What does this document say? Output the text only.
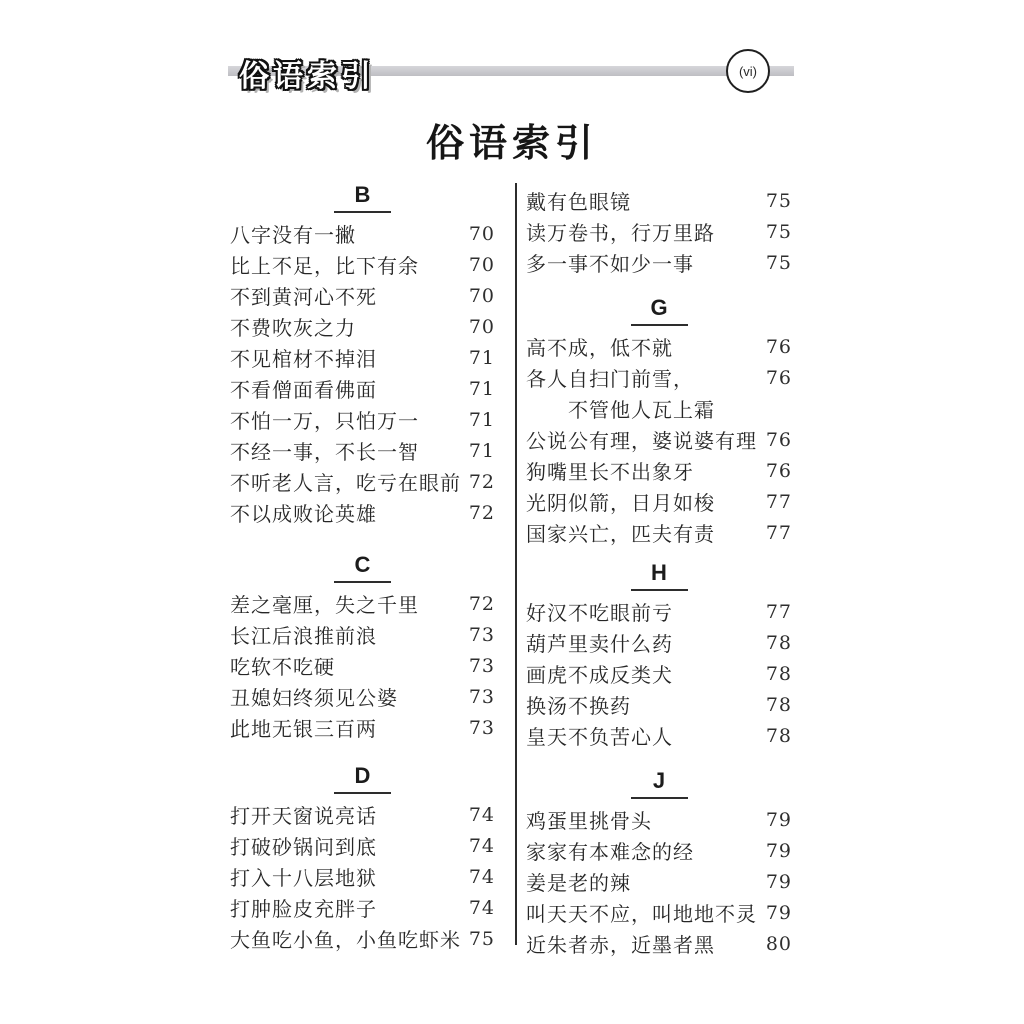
俗语索引	(vi)
俗语索引
B
八字没有一撇	70
比上不足，比下有余	70
不到黄河心不死	70
不费吹灰之力	70
不见棺材不掉泪	71
不看僧面看佛面	71
不怕一万，只怕万一	71
不经一事，不长一智	71
不听老人言，吃亏在眼前 72
不以成败论英雄	72
C
差之毫厘，失之千里	72
长江后浪推前浪	73
吃软不吃硬	73
丑媳妇终须见公婆	73
此地无银三百两	73
D
打开天窗说亮话	74
打破砂锅问到底	74
打入十八层地狱	74
打肿脸皮充胖子	74
大鱼吃小鱼，小鱼吃虾米 75
戴有色眼镜	75
读万卷书，行万里路	75
多一事不如少一事	75
G
高不成，低不就	76
各人自扫门前雪，	76
不管他人瓦上霜
公说公有理，婆说婆有理 76
狗嘴里长不出象牙	76
光阴似箭，日月如梭	77
国家兴亡，匹夫有责	77
H
好汉不吃眼前亏	77
葫芦里卖什么药	78
画虎不成反类犬	78
换汤不换药	78
皇天不负苦心人	78
J
鸡蛋里挑骨头	79
家家有本难念的经	79
姜是老的辣	79
叫天天不应，叫地地不灵 79
近朱者赤，近墨者黑	80
